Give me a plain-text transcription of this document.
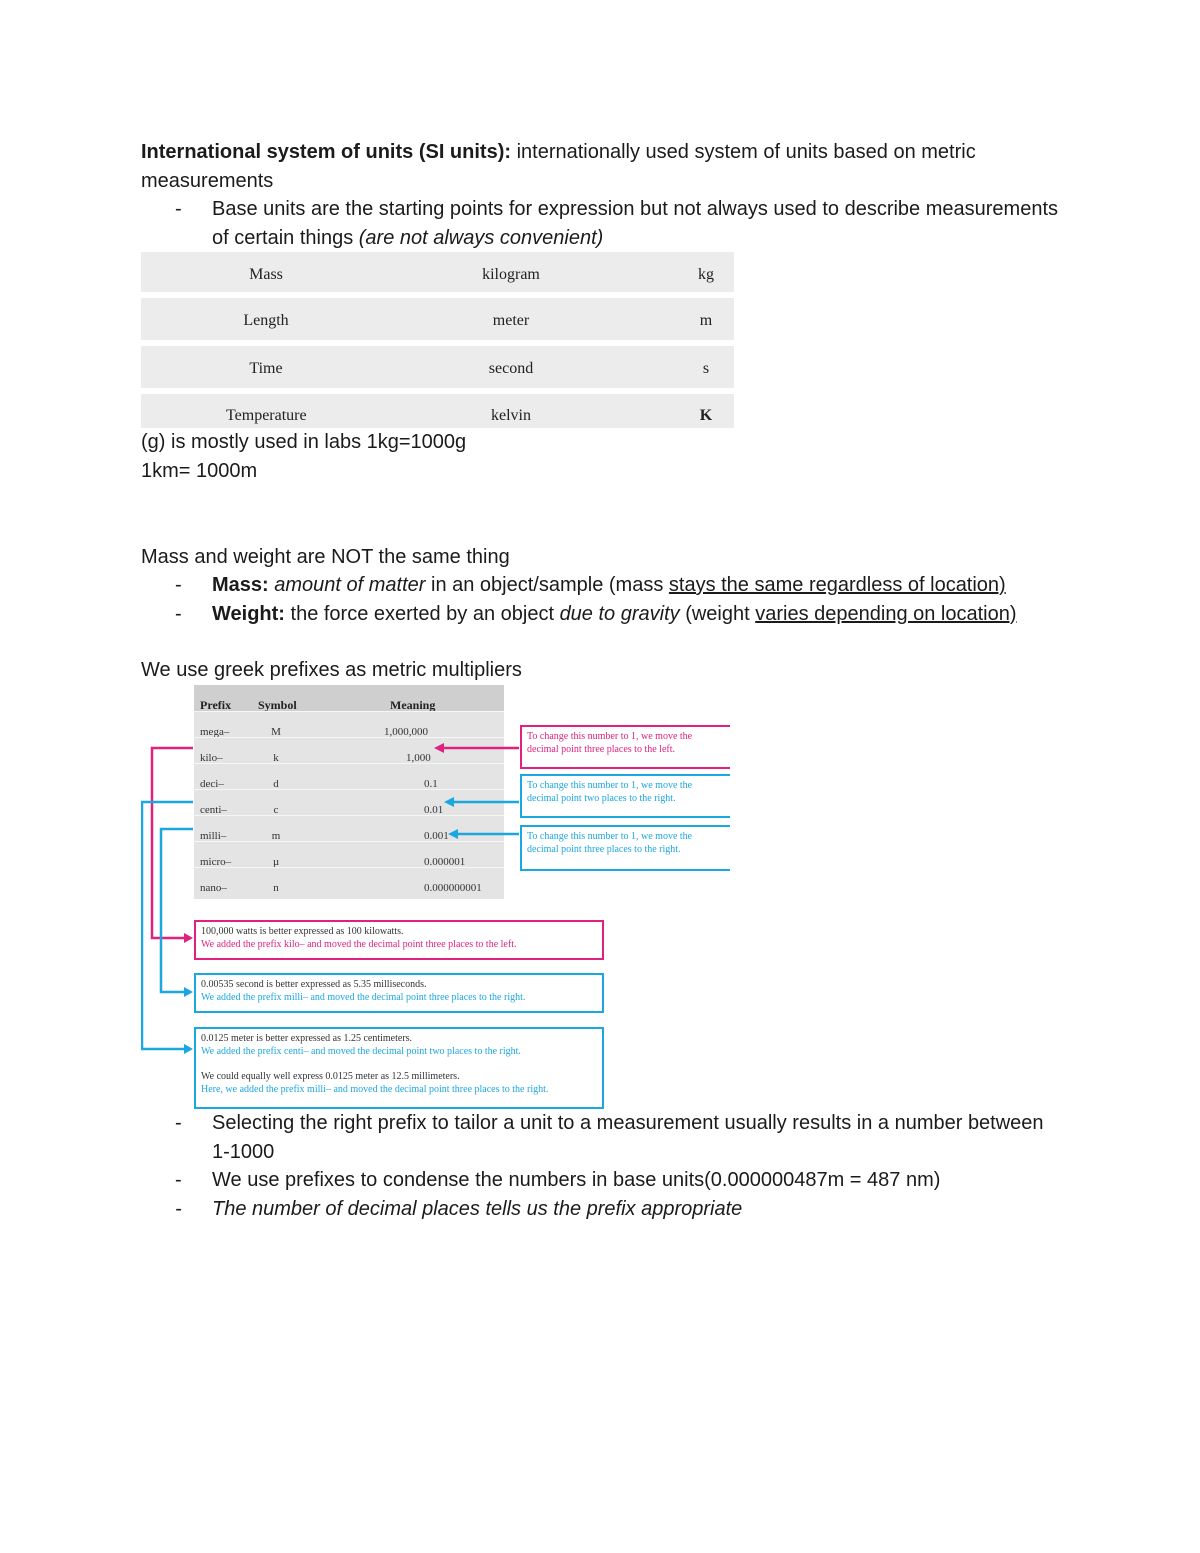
International system of units (SI units): internationally used system of units based on metric measurements

- Base units are the starting points for expression but not always used to describe measurements of certain things (are not always convenient)
Mass	kilogram	kg
Length	meter	m
Time	second	s
Temperature	kelvin	K

(g) is mostly used in labs 1kg=1000g

1km= 1000m

Mass and weight are NOT the same thing

- Mass: amount of matter in an object/sample (mass stays the same regardless of location)
- Weight: the force exerted by an object due to gravity (weight varies depending on location)

We use greek prefixes as metric multipliers

Prefix Symbol	Meaning
mega–	M	1,000,000
kilo–	k	1,000
deci–	d	0.1
centi–	c	0.01
milli–	m	0.001
micro–	µ	0.000001
nano–	n	0.000000001
To change this number to 1, we move the decimal point three places to the left.
To change this number to 1, we move the decimal point two places to the right.
To change this number to 1, we move the decimal point three places to the right.
100,000 watts is better expressed as 100 kilowatts.
We added the prefix kilo– and moved the decimal point three places to the left.
0.00535 second is better expressed as 5.35 milliseconds.
We added the prefix milli– and moved the decimal point three places to the right.
0.0125 meter is better expressed as 1.25 centimeters.
We added the prefix centi– and moved the decimal point two places to the right.
We could equally well express 0.0125 meter as 12.5 millimeters.
Here, we added the prefix milli– and moved the decimal point three places to the right.
- Selecting the right prefix to tailor a unit to a measurement usually results in a number between 1-1000
- We use prefixes to condense the numbers in base units(0.000000487m = 487 nm)
- The number of decimal places tells us the prefix appropriate
